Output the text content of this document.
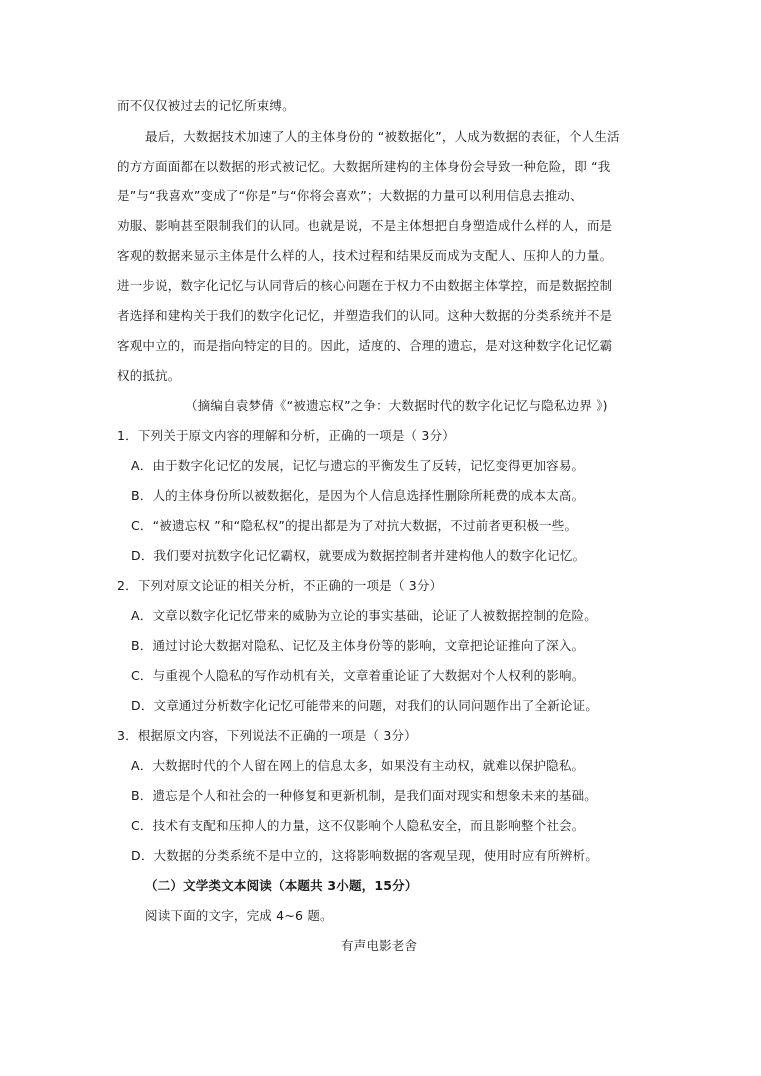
而不仅仅被过去的记忆所束缚。
最后，大数据技术加速了人的主体身份的 “被数据化”，人成为数据的表征，个人生活
的方方面面都在以数据的形式被记忆。大数据所建构的主体身份会导致一种危险，即 “我
是”与“我喜欢”变成了“你是”与“你将会喜欢”；大数据的力量可以利用信息去推动、
劝服、影响甚至限制我们的认同。也就是说，不是主体想把自身塑造成什么样的人，而是
客观的数据来显示主体是什么样的人，技术过程和结果反而成为支配人、压抑人的力量。
进一步说，数字化记忆与认同背后的核心问题在于权力不由数据主体掌控，而是数据控制
者选择和建构关于我们的数字化记忆，并塑造我们的认同。这种大数据的分类系统并不是
客观中立的，而是指向特定的目的。因此，适度的、合理的遗忘，是对这种数字化记忆霸
权的抵抗。
（摘编自袁梦倩《“被遗忘权”之争：大数据时代的数字化记忆与隐私边界 》)
1．下列关于原文内容的理解和分析，正确的一项是（ 3分）
A．由于数字化记忆的发展，记忆与遗忘的平衡发生了反转，记忆变得更加容易。
B．人的主体身份所以被数据化，是因为个人信息选择性删除所耗费的成本太高。
C．“被遗忘权 ”和“隐私权”的提出都是为了对抗大数据，不过前者更积极一些。
D．我们要对抗数字化记忆霸权，就要成为数据控制者并建构他人的数字化记忆。
2．下列对原文论证的相关分析，不正确的一项是（ 3分）
A．文章以数字化记忆带来的威胁为立论的事实基础，论证了人被数据控制的危险。
B．通过讨论大数据对隐私、记忆及主体身份等的影响，文章把论证推向了深入。
C．与重视个人隐私的写作动机有关，文章着重论证了大数据对个人权利的影响。
D．文章通过分析数字化记忆可能带来的问题，对我们的认同问题作出了全新论证。
3．根据原文内容，下列说法不正确的一项是（ 3分）
A．大数据时代的个人留在网上的信息太多，如果没有主动权，就难以保护隐私。
B．遗忘是个人和社会的一种修复和更新机制，是我们面对现实和想象未来的基础。
C．技术有支配和压抑人的力量，这不仅影响个人隐私安全，而且影响整个社会。
D．大数据的分类系统不是中立的，这将影响数据的客观呈现，使用时应有所辨析。
（二）文学类文本阅读（本题共 3小题，15分）
阅读下面的文字，完成 4~6 题。
有声电影老舍
